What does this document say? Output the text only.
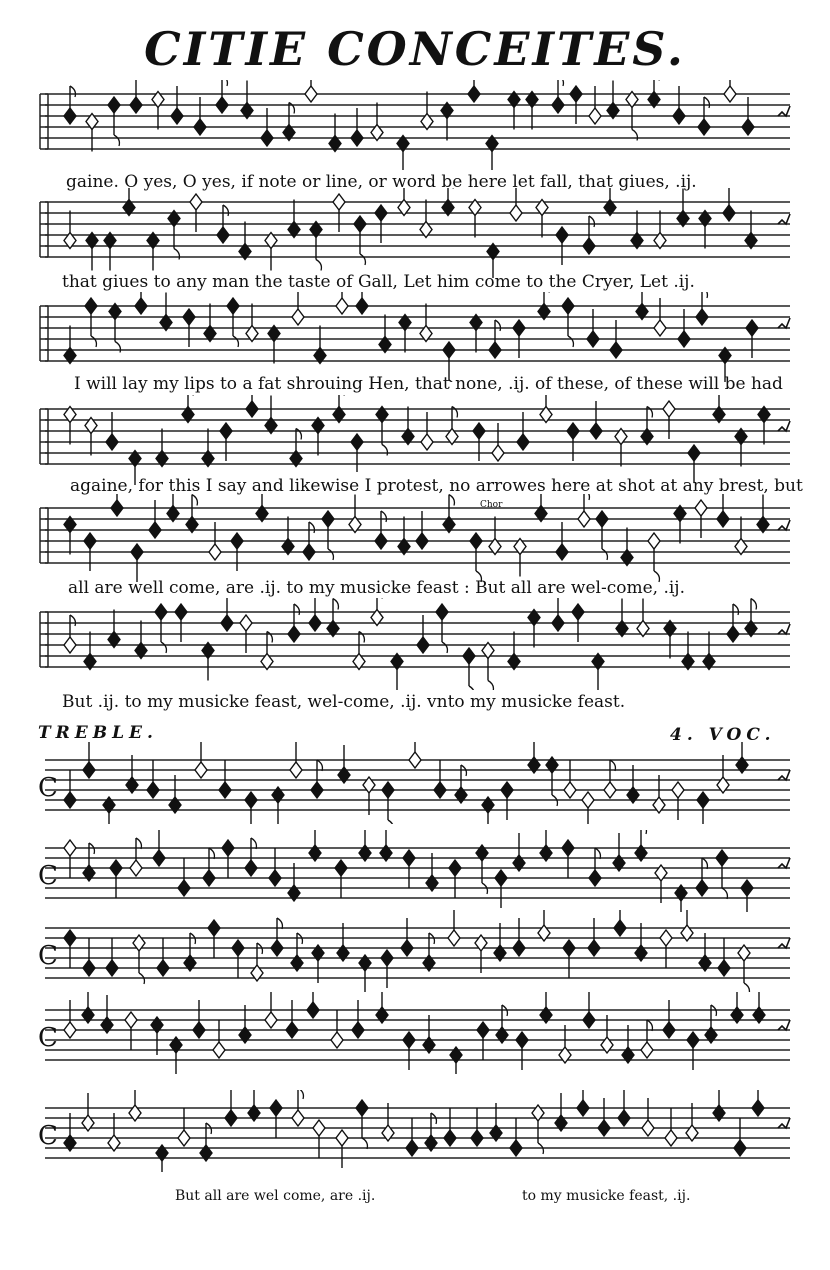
CITIE CONCEITES.
gaine. O yes, O yes, if note or line, or word be here let fall, that giues, .ij.
that giues to any man the taste of Gall, Let him come to the Cryer, Let .ij.
I will lay my lips to a fat shrouing Hen, that none, .ij. of these, of these will be had
againe, for this I say and likewise I protest, no arrowes here at shot at any brest, but
Chor
all are well come, are .ij. to my musicke feast : But all are wel-come, .ij.
But .ij. to my musicke feast, wel-come, .ij. vnto my musicke feast.
TREBLE.	4. VOC.
C
C
C
C
C
But all are wel come, are .ij.	to my musicke feast, .ij.
